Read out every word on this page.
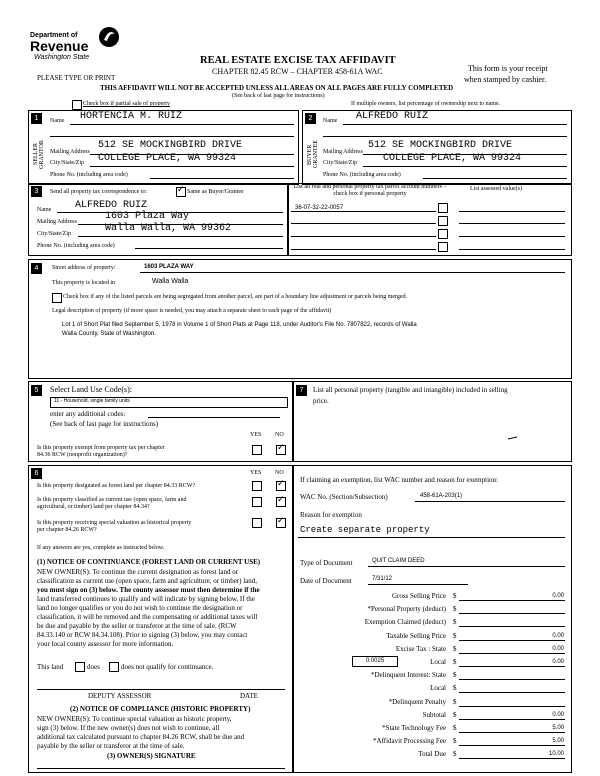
Department of
Revenue
Washington State
PLEASE TYPE OR PRINT
REAL ESTATE EXCISE TAX AFFIDAVIT
CHAPTER 82.45 RCW – CHAPTER 458-61A WAC
THIS AFFIDAVIT WILL NOT BE ACCEPTED UNLESS ALL AREAS ON ALL PAGES ARE FULLY COMPLETED
(See back of last page for instructions)
This form is your receipt
when stamped by cashier.
Check box if partial sale of property	If multiple owners, list percentage of ownership next to name.
1
SELLER GRANTOR
Name HORTENCIA M. RUIZ
Mailing Address
512 SE MOCKINGBIRD DRIVE
City/State/Zip COLLEGE PLACE, WA 99324
Phone No. (including area code)
2
BUYER GRANTEE
Name ALFREDO RUIZ
Mailing Address
512 SE MOCKINGBIRD DRIVE
City/State/Zip	COLLEGE PLACE, WA 99324
Phone No. (including area code)
3	Send all property tax correspondence to:
✓	Same as Buyer/Grantee
Name ALFREDO RUIZ
Mailing Address	1603 Plaza Way
City/State/Zip	Walla Walla, WA 99362
Phone No. (including area code)
List all real and personal property tax parcel account numbers – check box if personal property
List assessed value(s)
36-07-32-22-0057
4	Street address of property:	1603 PLAZA WAY
This property is located in	Walla Walla
Check box if any of the listed parcels are being segregated from another parcel, are part of a boundary line adjustment or parcels being merged.
Legal description of property (if more space is needed, you may attach a separate sheet to each page of the affidavit)
Lot 1 of Short Plat filed September 5, 1978 in Volume 1 of Short Plats at Page 118, under Auditor's File No. 7807822, records of Walla
Walla County, State of Washington.
5	Select Land Use Code(s):
11 - Household, single family units
enter any additional codes:
(See back of last page for instructions)
YES NO
Is this property exempt from property tax per chapter
84.36 RCW (nonprofit organization)?
✓
7	List all personal property (tangible and intangible) included in selling
price.
6	YES NO
Is this property designated as forest land per chapter 84.33 RCW?
✓
Is this property classified as current use (open space, farm and
agricultural, or timber) land per chapter 84.34?
✓
Is this property receiving special valuation as historical property
per chapter 84.26 RCW?
✓
If any answers are yes, complete as instructed below.
(1) NOTICE OF CONTINUANCE (FOREST LAND OR CURRENT USE)
NEW OWNER(S): To continue the current designation as forest land or
classification as current use (open space, farm and agriculture, or timber) land,
you must sign on (3) below. The county assessor must then determine if the
land transferred continues to qualify and will indicate by signing below. If the
land no longer qualifies or you do not wish to continue the designation or
classification, it will be removed and the compensating or additional taxes will
be due and payable by the seller or transferor at the time of sale. (RCW
84.33.140 or RCW 84.34.108). Prior to signing (3) below, you may contact
your local county assessor for more information.
This land	does	does not qualify for continuance.
DEPUTY ASSESSOR	DATE
(2) NOTICE OF COMPLIANCE (HISTORIC PROPERTY)
NEW OWNER(S): To continue special valuation as historic property,
sign (3) below. If the new owner(s) does not wish to continue, all
additional tax calculated pursuant to chapter 84.26 RCW, shall be due and
payable by the seller or transferor at the time of sale.
(3) OWNER(S) SIGNATURE
If claiming an exemption, list WAC number and reason for exemption:
WAC No. (Section/Subsection)	458-61A-203(1)
Reason for exemption
Create separate property
Type of Document	QUIT CLAIM DEED
Date of Document	7/31/12
Gross Selling Price $	0.00
*Personal Property (deduct) $
Exemption Claimed (deduct) $
Taxable Selling Price $	0.00
Excise Tax : State $	0.00
Local $	0.00
0.0025
*Delinquent Interest: State $
Local $
*Delinquent Penalty $
Subtotal $	0.00
*State Technology Fee $	5.00
*Affidavit Processing Fee $	5.00
Total Due $	10.00
